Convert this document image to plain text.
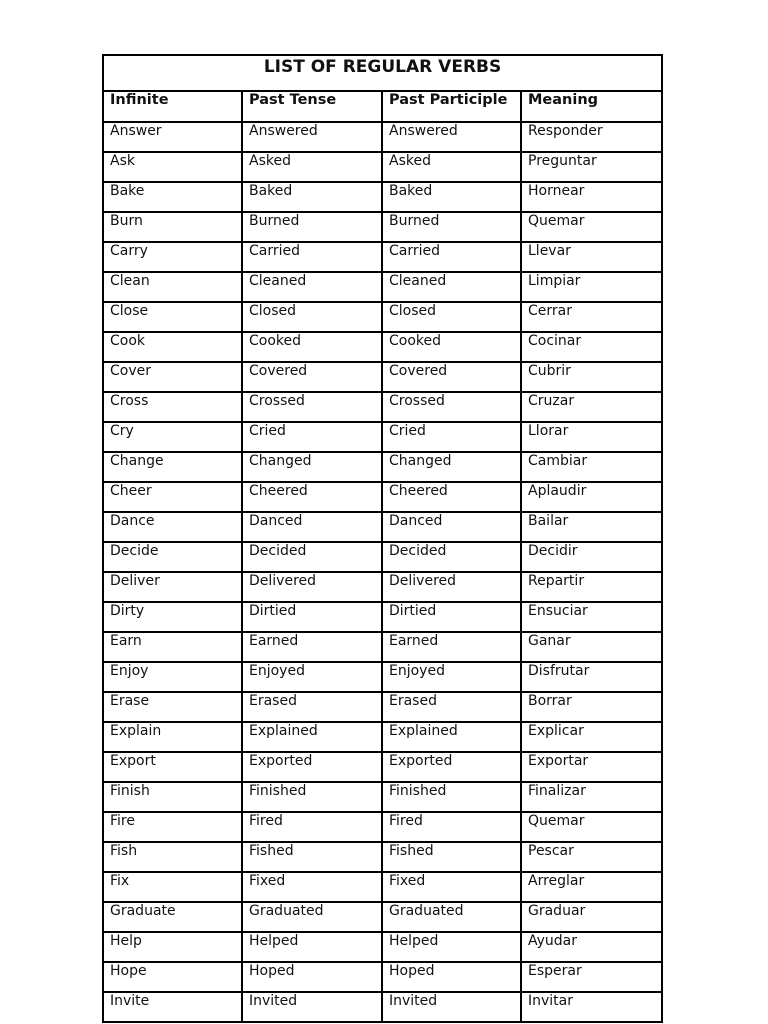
LIST OF REGULAR VERBS			
Infinite	Past Tense	Past Participle	Meaning
Answer	Answered	Answered	Responder
Ask	Asked	Asked	Preguntar
Bake	Baked	Baked	Hornear
Burn	Burned	Burned	Quemar
Carry	Carried	Carried	Llevar
Clean	Cleaned	Cleaned	Limpiar
Close	Closed	Closed	Cerrar
Cook	Cooked	Cooked	Cocinar
Cover	Covered	Covered	Cubrir
Cross	Crossed	Crossed	Cruzar
Cry	Cried	Cried	Llorar
Change	Changed	Changed	Cambiar
Cheer	Cheered	Cheered	Aplaudir
Dance	Danced	Danced	Bailar
Decide	Decided	Decided	Decidir
Deliver	Delivered	Delivered	Repartir
Dirty	Dirtied	Dirtied	Ensuciar
Earn	Earned	Earned	Ganar
Enjoy	Enjoyed	Enjoyed	Disfrutar
Erase	Erased	Erased	Borrar
Explain	Explained	Explained	Explicar
Export	Exported	Exported	Exportar
Finish	Finished	Finished	Finalizar
Fire	Fired	Fired	Quemar
Fish	Fished	Fished	Pescar
Fix	Fixed	Fixed	Arreglar
Graduate	Graduated	Graduated	Graduar
Help	Helped	Helped	Ayudar
Hope	Hoped	Hoped	Esperar
Invite	Invited	Invited	Invitar
